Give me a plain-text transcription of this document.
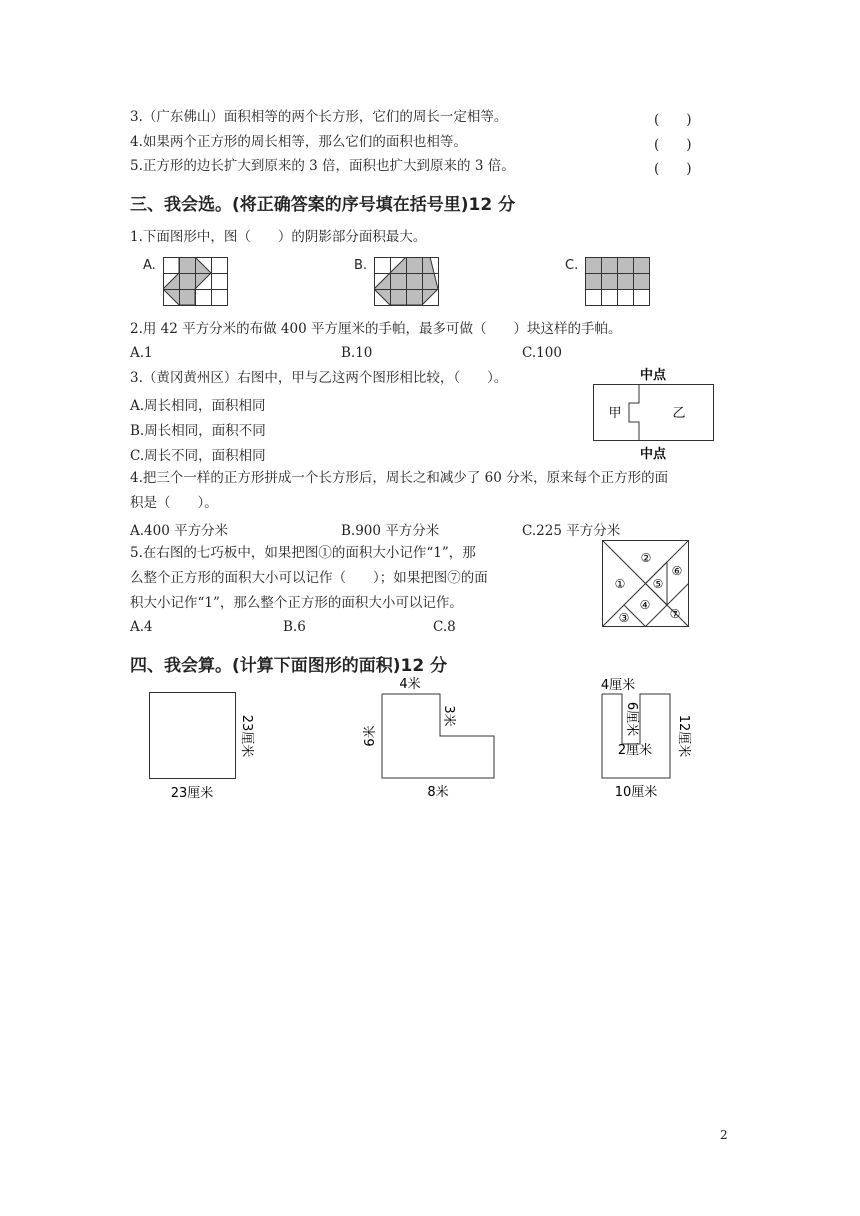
3.（广东佛山）面积相等的两个长方形，它们的周长一定相等。	(　　)
4.如果两个正方形的周长相等，那么它们的面积也相等。	(　　)
5.正方形的边长扩大到原来的 3 倍，面积也扩大到原来的 3 倍。	(　　)
三、我会选。(将正确答案的序号填在括号里)12 分
1.下面图形中，图（　　）的阴影部分面积最大。
A.	B.	C.
2.用 42 平方分米的布做 400 平方厘米的手帕，最多可做（　　）块这样的手帕。
A.1	B.10	C.100
3.（黄冈黄州区）右图中，甲与乙这两个图形相比较，（　　）。
A.周长相同，面积相同
B.周长相同，面积不同
C.周长不同，面积相同
中点
中点
甲	乙
4.把三个一样的正方形拼成一个长方形后，周长之和减少了 60 分米，原来每个正方形的面
积是（　　）。
A.400 平方分米	B.900 平方分米	C.225 平方分米
5.在右图的七巧板中，如果把图①的面积大小记作“1”，那
么整个正方形的面积大小可以记作（　　）；如果把图⑦的面
积大小记作“1”，那么整个正方形的面积大小可以记作。
A.4	B.6	C.8
①
②
③
④
⑤
⑥
⑦
四、我会算。(计算下面图形的面积)12 分
23厘米
23厘米
4米
3米
6米
8米
4厘米
6厘米
2厘米 12厘米
10厘米
2
